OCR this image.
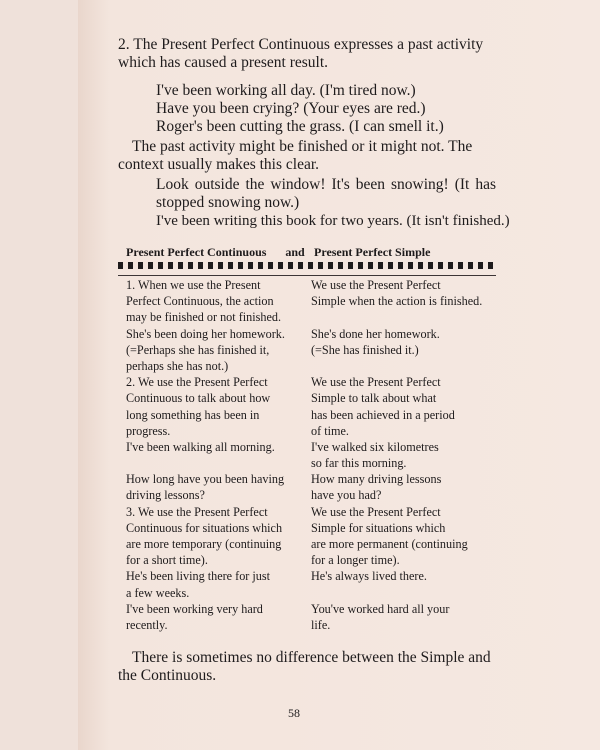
2. The Present Perfect Continuous expresses a past activity which has caused a present result.

I've been working all day. (I'm tired now.)
Have you been crying? (Your eyes are red.)
Roger's been cutting the grass. (I can smell it.)

The past activity might be finished or it might not. The context usually makes this clear.

Look outside the window! It's been snowing! (It has
stopped snowing now.)
I've been writing this book for two years. (It isn't finished.)
Present Perfect Continuous	and Present Perfect Simple
1. When we use the Present
Perfect Continuous, the action
may be finished or not finished.
She's been doing her homework.
(=Perhaps she has finished it,
perhaps she has not.)
2. We use the Present Perfect
Continuous to talk about how
long something has been in
progress.
I've been walking all morning.
How long have you been having
driving lessons?
3. We use the Present Perfect
Continuous for situations which
are more temporary (continuing
for a short time).
He's been living there for just
a few weeks.
I've been working very hard
recently.
We use the Present Perfect
Simple when the action is finished.
She's done her homework.
(=She has finished it.)
We use the Present Perfect
Simple to talk about what
has been achieved in a period
of time.
I've walked six kilometres
so far this morning.
How many driving lessons
have you had?
We use the Present Perfect
Simple for situations which
are more permanent (continuing
for a longer time).
He's always lived there.
You've worked hard all your
life.

There is sometimes no difference between the Simple and the Continuous.

58
